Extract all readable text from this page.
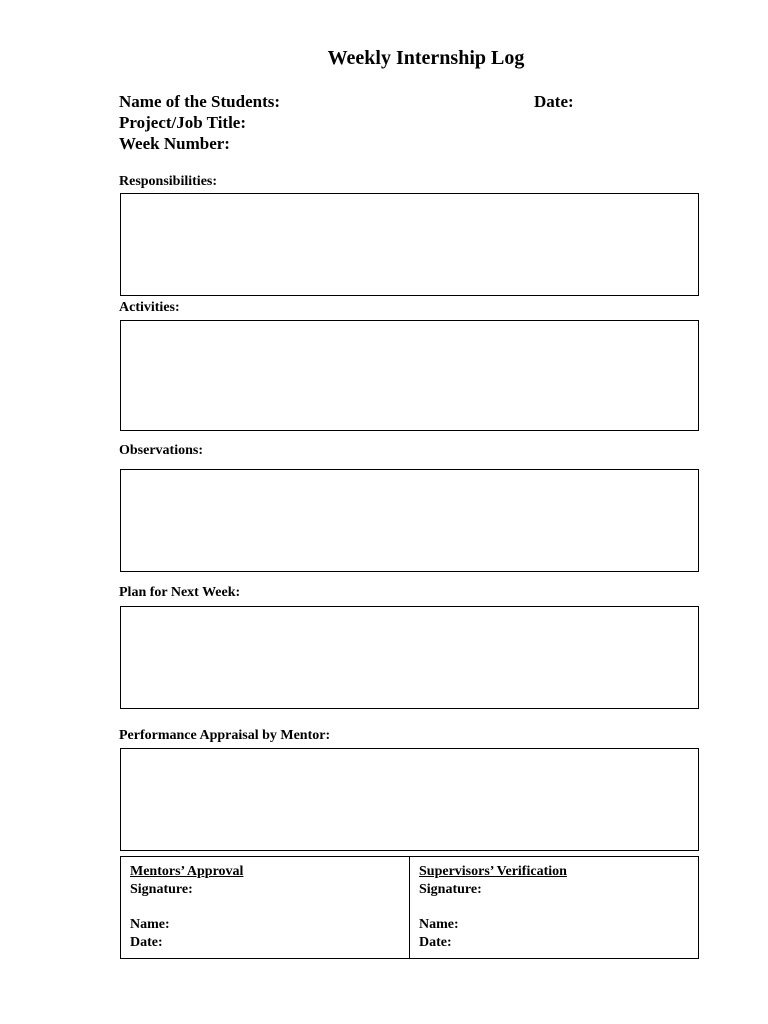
Weekly Internship Log
Name of the Students:	Date:
Project/Job Title:
Week Number:
Responsibilities:
Activities:
Observations:
Plan for Next Week:
Performance Appraisal by Mentor:
Mentors’ Approval
Signature:
Name:
Date:
Supervisors’ Verification
Signature:
Name:
Date:
